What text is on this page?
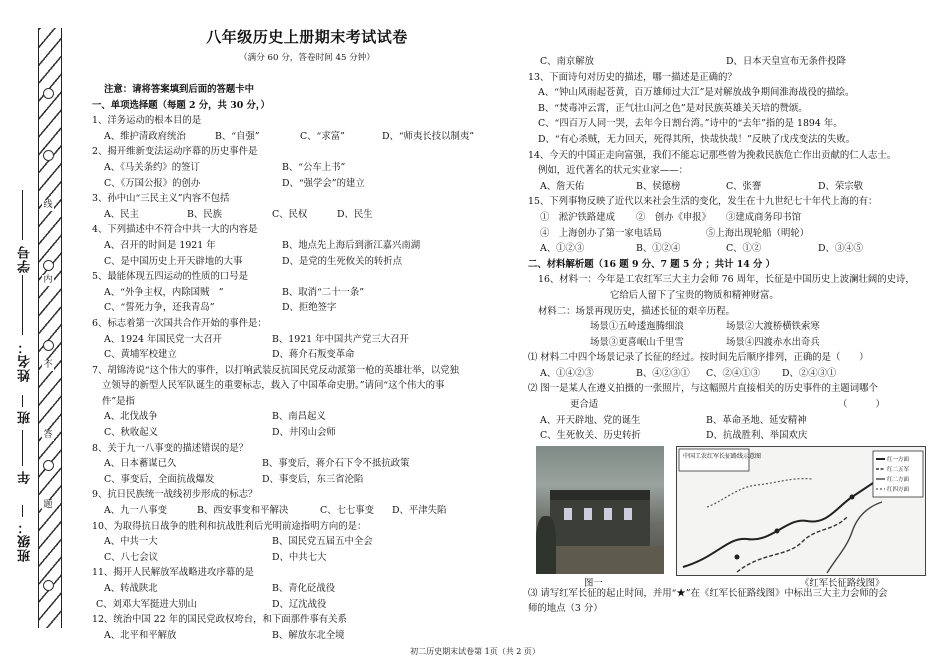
线
内
不
答
题
班级：
年
班
姓名：
学号
八年级历史上册期末考试试卷
（满分 60 分，答卷时间 45 分钟）
注意：请将答案填到后面的答题卡中
一、单项选择题（每题 2 分，共 30 分，）
1、洋务运动的根本目的是
A、维护清政府统治	B、“自强”	C、“求富”	D、“师夷长技以制夷”
2、揭开维新变法运动序幕的历史事件是
A、《马关条约》的签订	B、“公车上书”
C、《万国公报》的创办	D、“强学会”的建立
3、孙中山“三民主义”内容不包括
A、民主	B、民族	C、民权	D、民生
4、下列描述中不符合中共一大的内容是
A、召开的时间是 1921 年	B、地点先上海后到浙江嘉兴南湖
C、是中国历史上开天辟地的大事	D、是党的生死攸关的转折点
5、最能体现五四运动的性质的口号是
A、“外争主权，内除国贼　”	B、取消“二十一条”
C、“誓死力争，还我青岛”	D、拒绝签字
6、标志着第一次国共合作开始的事件是：
A、1924 年国民党一大召开	B、1921 年中国共产党三大召开
C、黄埔军校建立	D、蒋介石叛变革命
7、胡锦涛说“这个伟大的事件，以打响武装反抗国民党反动派第一枪的英雄壮举，以党独
立领导的新型人民军队诞生的重要标志，载入了中国革命史册。”请问“这个伟大的事
件”是指
A、北伐战争	B、南昌起义
C、秋收起义	D、井冈山会师
8、关于九一八事变的描述错误的是？
A、日本蓄谋已久	B、事变后，蒋介石下令不抵抗政策
C、事变后，全面抗战爆发	D、事变后，东三省沦陷
9、抗日民族统一战线初步形成的标志？
A、九一八事变	B、西安事变和平解决	C、七七事变 D、平津失陷
10、为取得抗日战争的胜利和抗战胜利后光明前途指明方向的是：
A、中共一大	B、国民党五届五中全会
C、八七会议	D、中共七大
11、揭开人民解放军战略进攻序幕的是
A、转战陕北	B、青化砭战役
C、刘邓大军挺进大别山	D、辽沈战役
12、统治中国 22 年的国民党政权垮台，和下面那件事有关系
A、北平和平解放	B、解放东北全境
C、南京解放	D、日本天皇宣布无条件投降
13、下面诗句对历史的描述，哪一描述是正确的？
A、“钟山风雨起苍黄，百万雄师过大江”是对解放战争期间淮海战役的描绘。
B、“焚毒冲云霄，正气壮山河之色”是对民族英雄关天培的赞颂。
C、“四百万人同一哭，去年今日割台湾。”诗中的“去年”指的是 1894 年。
D、“有心杀贼，无力回天，死得其所，快哉快哉！”反映了戊戌变法的失败。
14、今天的中国正走向富强，我们不能忘记那些曾为挽救民族危亡作出贡献的仁人志士。
例如，近代著名的状元实业家——：
A、詹天佑	B、侯德榜	C、张謇	D、荣宗敬
15、下列事物反映了近代以来社会生活的变化，发生在十九世纪七十年代上海的有：
①　淞沪铁路建成 ②　创办《申报》 ③建成商务印书馆
④　上海创办了第一家电话局	⑤上海出现轮船（明轮）
A、①②③	B、①②④	C、①②	D、③④⑤
二、材料解析题（16 题 9 分、7 题 5 分 ；共计 14 分 ）
16、材料一：今年是工农红军三大主力会师 76 周年，长征是中国历史上波澜壮阔的史诗，
它给后人留下了宝贵的物质和精神财富。
材料二：场景再现历史，描述长征的艰辛历程。
场景①五岭逶迤腾细浪	场景②大渡桥横铁索寒
场景③更喜岷山千里雪	场景④四渡赤水出奇兵
⑴ 材料二中四个场景记录了长征的经过。按时间先后顺序排列，正确的是（　　）
A、①④②③	B、④②③① C、②④①③ D、②④③①
⑵ 图一是某人在遵义拍摄的一张照片，与这幅照片直接相关的历史事件的主题词哪个
更合适	（　　　）
A、开天辟地、党的诞生	B、革命圣地、延安精神
C、生死攸关、历史转折	D、抗战胜利、举国欢庆
中国工农红军长征路线示意图	红一方面
红二五军
红二方面
红四方面
图一	《红军长征路线图》
⑶ 请写红军长征的起止时间，并用“★”在《红军长征路线图》中标出三大主力会师的会
师的地点（3 分）
初二历史期末试卷第 1页（共 2 页）
